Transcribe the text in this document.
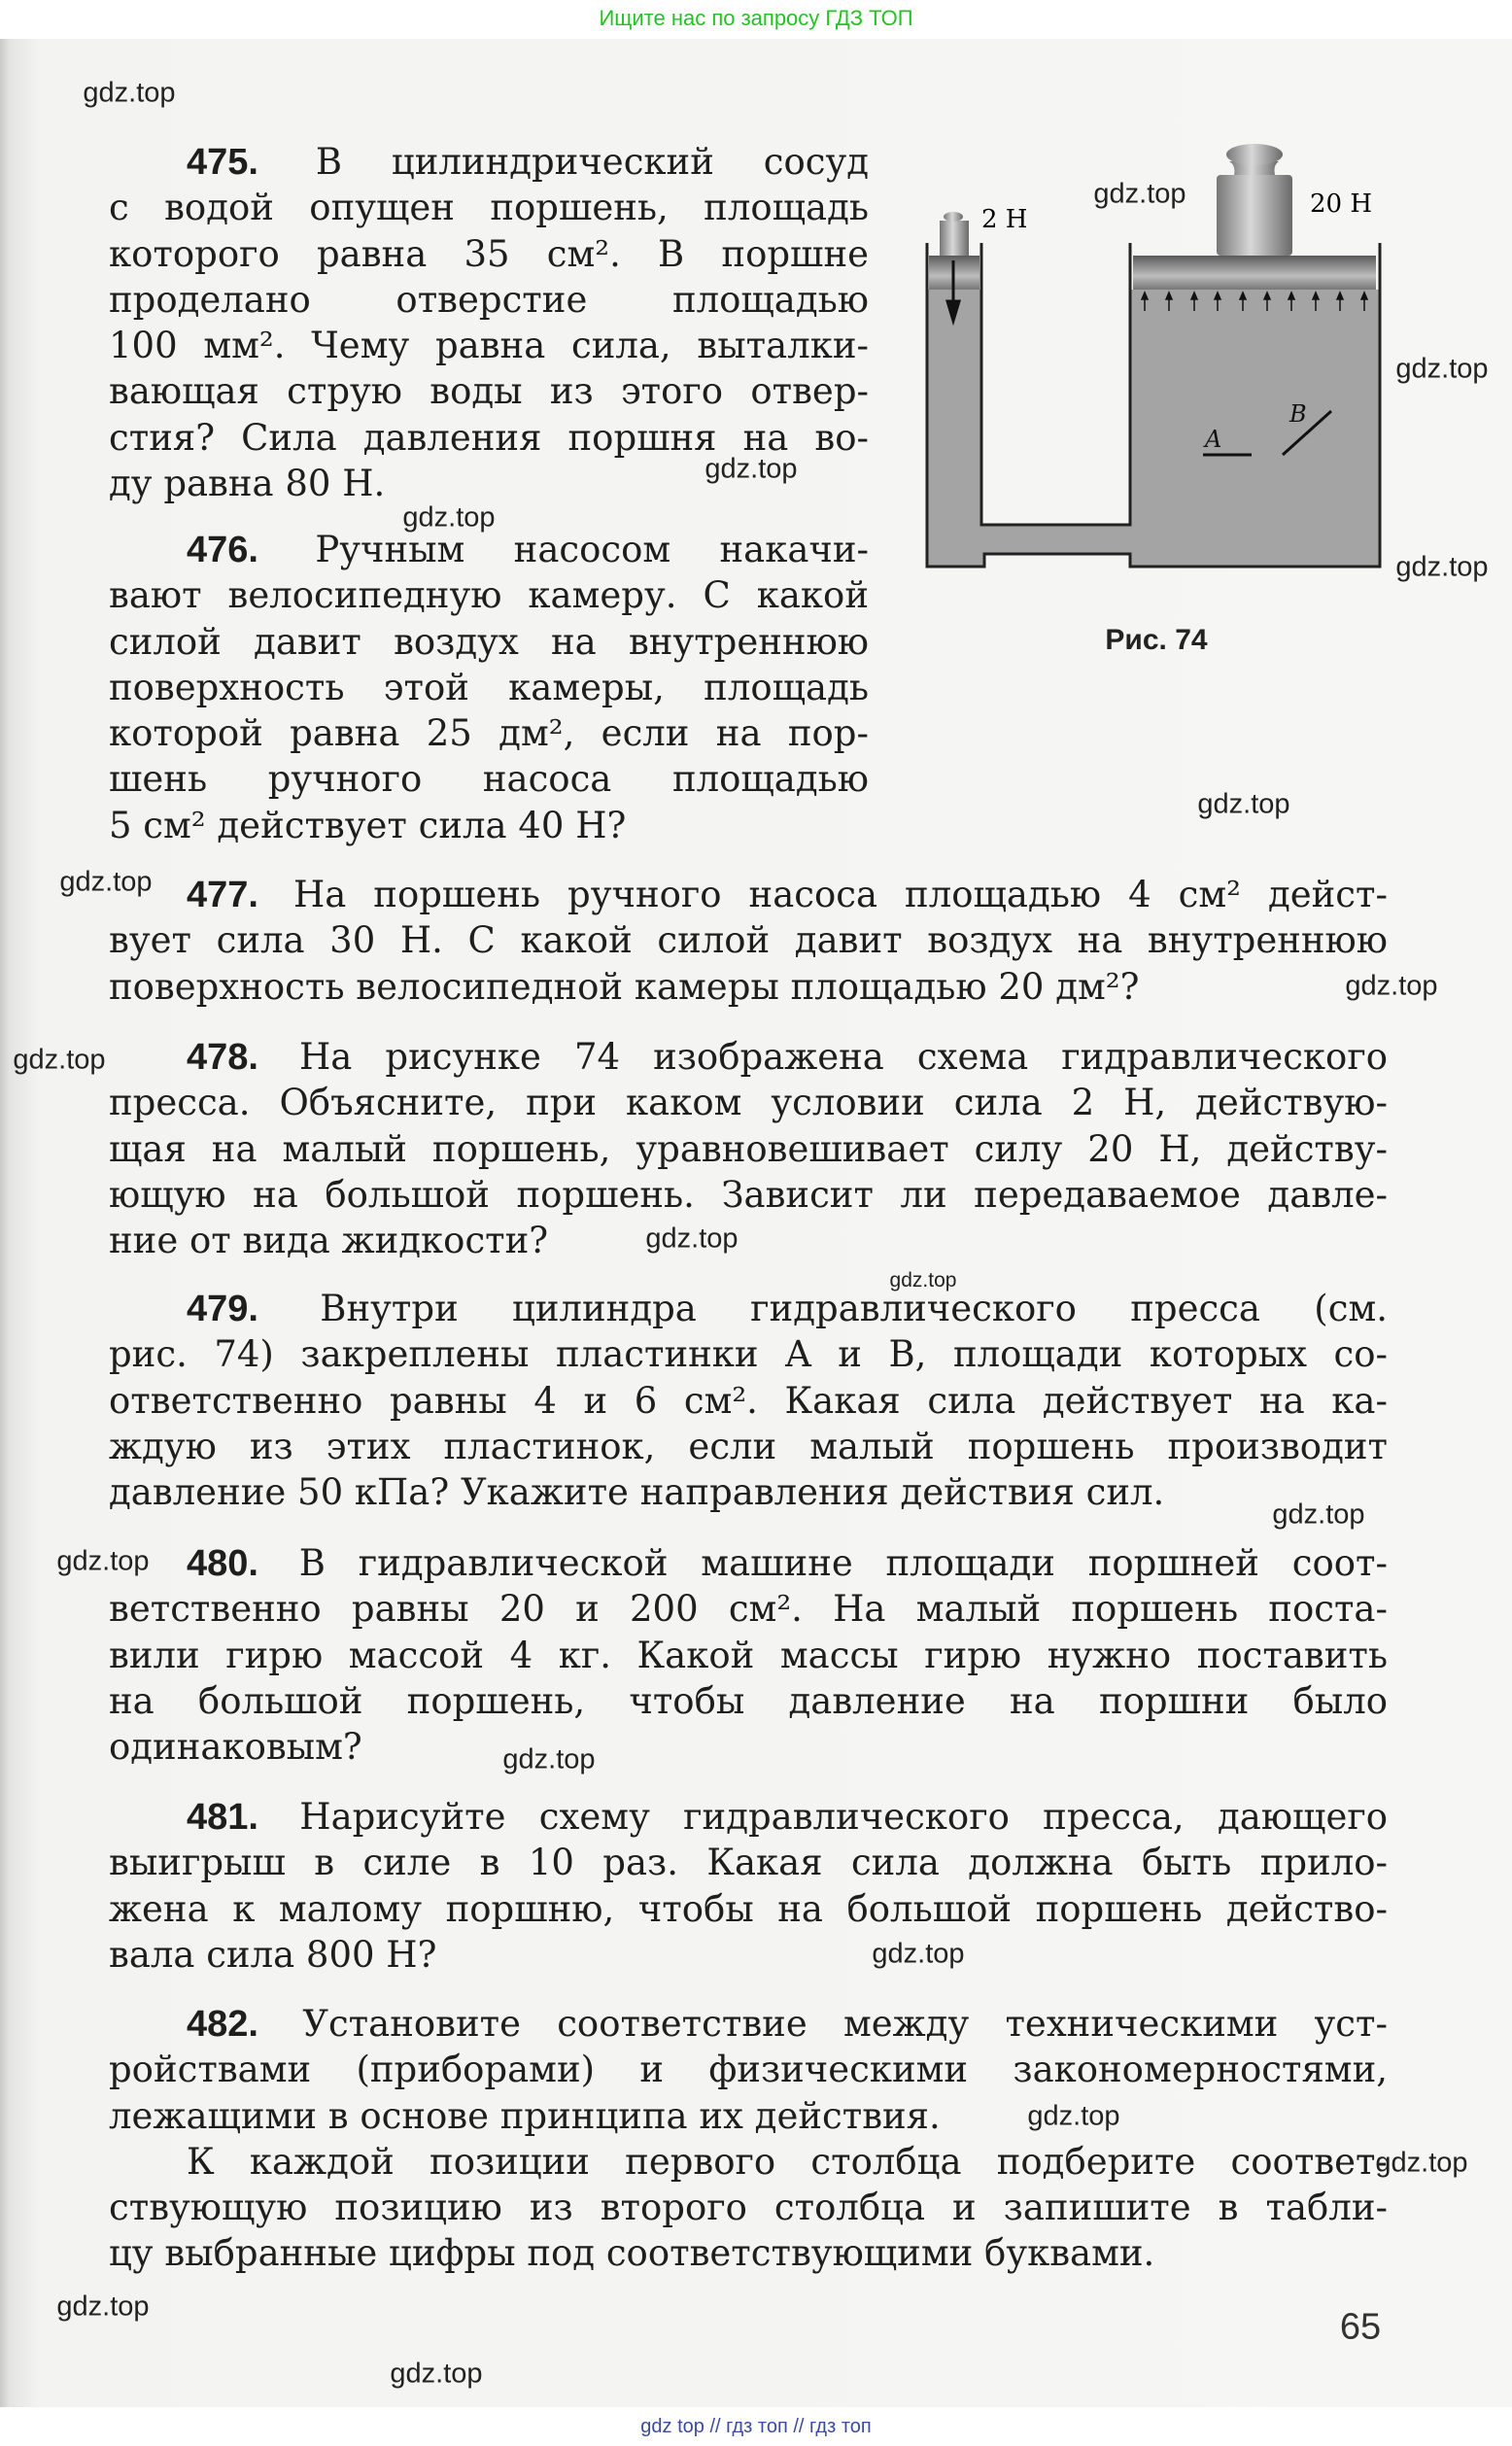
Ищите нас по запросу ГДЗ ТОП
475. В цилиндрический сосуд
с водой опущен поршень, площадь
которого равна 35 см². В поршне
проделано отверстие площадью
100 мм². Чему равна сила, выталки-
вающая струю воды из этого отвер-
стия? Сила давления поршня на во-
ду равна 80 Н.
476. Ручным насосом накачи-
вают велосипедную камеру. С какой
силой давит воздух на внутреннюю
поверхность этой камеры, площадь
которой равна 25 дм², если на пор-
шень ручного насоса площадью
5 см² действует сила 40 Н?
477. На поршень ручного насоса площадью 4 см² дейст-
вует сила 30 Н. С какой силой давит воздух на внутреннюю
поверхность велосипедной камеры площадью 20 дм²?
478. На рисунке 74 изображена схема гидравлического
пресса. Объясните, при каком условии сила 2 Н, действую-
щая на малый поршень, уравновешивает силу 20 Н, действу-
ющую на большой поршень. Зависит ли передаваемое давле-
ние от вида жидкости?
479. Внутри цилиндра гидравлического пресса (см.
рис. 74) закреплены пластинки A и B, площади которых со-
ответственно равны 4 и 6 см². Какая сила действует на ка-
ждую из этих пластинок, если малый поршень производит
давление 50 кПа? Укажите направления действия сил.
480. В гидравлической машине площади поршней соот-
ветственно равны 20 и 200 см². На малый поршень поста-
вили гирю массой 4 кг. Какой массы гирю нужно поставить
на большой поршень, чтобы давление на поршни было
одинаковым?
481. Нарисуйте схему гидравлического пресса, дающего
выигрыш в силе в 10 раз. Какая сила должна быть прило-
жена к малому поршню, чтобы на большой поршень действо-
вала сила 800 Н?
482. Установите соответствие между техническими уст-
ройствами (приборами) и физическими закономерностями,
лежащими в основе принципа их действия.
К каждой позиции первого столбца подберите соответ-
ствующую позицию из второго столбца и запишите в табли-
цу выбранные цифры под соответствующими буквами.
2 Н
20 Н
A
B
Рис. 74
gdz.top
gdz.top
gdz.top
gdz.top
gdz.top
gdz.top
gdz.top
gdz.top
gdz.top
gdz.top
gdz.top
gdz.top
gdz.top
gdz.top
gdz.top
gdz.top
gdz.top
gdz.top
gdz.top
gdz.top
65
gdz top // гдз топ // гдз топ
